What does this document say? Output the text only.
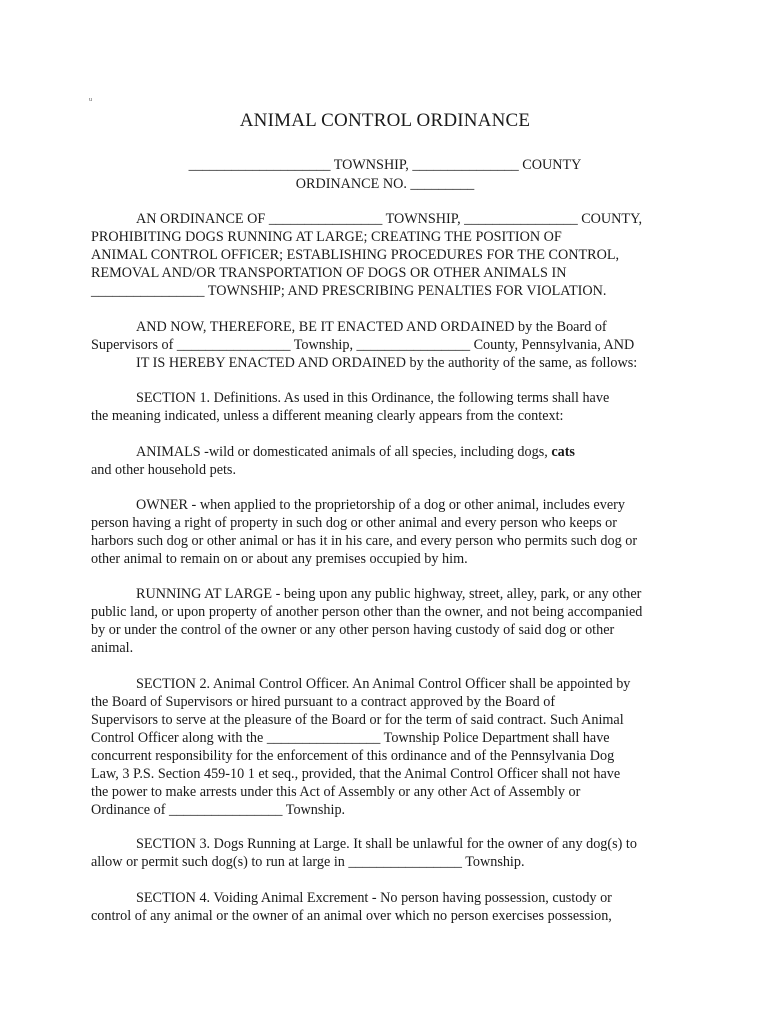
u
ANIMAL CONTROL ORDINANCE
____________________ TOWNSHIP, _______________ COUNTY
ORDINANCE NO. _________
AN ORDINANCE OF ________________ TOWNSHIP, ________________ COUNTY,
PROHIBITING DOGS RUNNING AT LARGE; CREATING THE POSITION OF
ANIMAL CONTROL OFFICER; ESTABLISHING PROCEDURES FOR THE CONTROL,
REMOVAL AND/OR TRANSPORTATION OF DOGS OR OTHER ANIMALS IN
________________ TOWNSHIP; AND PRESCRIBING PENALTIES FOR VIOLATION.
AND NOW, THEREFORE, BE IT ENACTED AND ORDAINED by the Board of
Supervisors of ________________ Township, ________________ County, Pennsylvania, AND
IT IS HEREBY ENACTED AND ORDAINED by the authority of the same, as follows:
SECTION 1. Definitions. As used in this Ordinance, the following terms shall have
the meaning indicated, unless a different meaning clearly appears from the context:
ANIMALS -wild or domesticated animals of all species, including dogs, cats
and other household pets.
OWNER - when applied to the proprietorship of a dog or other animal, includes every
person having a right of property in such dog or other animal and every person who keeps or
harbors such dog or other animal or has it in his care, and every person who permits such dog or
other animal to remain on or about any premises occupied by him.
RUNNING AT LARGE - being upon any public highway, street, alley, park, or any other
public land, or upon property of another person other than the owner, and not being accompanied
by or under the control of the owner or any other person having custody of said dog or other
animal.
SECTION 2. Animal Control Officer. An Animal Control Officer shall be appointed by
the Board of Supervisors or hired pursuant to a contract approved by the Board of
Supervisors to serve at the pleasure of the Board or for the term of said contract. Such Animal
Control Officer along with the ________________ Township Police Department shall have
concurrent responsibility for the enforcement of this ordinance and of the Pennsylvania Dog
Law, 3 P.S. Section 459-10 1 et seq., provided, that the Animal Control Officer shall not have
the power to make arrests under this Act of Assembly or any other Act of Assembly or
Ordinance of ________________ Township.
SECTION 3. Dogs Running at Large. It shall be unlawful for the owner of any dog(s) to
allow or permit such dog(s) to run at large in ________________ Township.
SECTION 4. Voiding Animal Excrement - No person having possession, custody or
control of any animal or the owner of an animal over which no person exercises possession,
